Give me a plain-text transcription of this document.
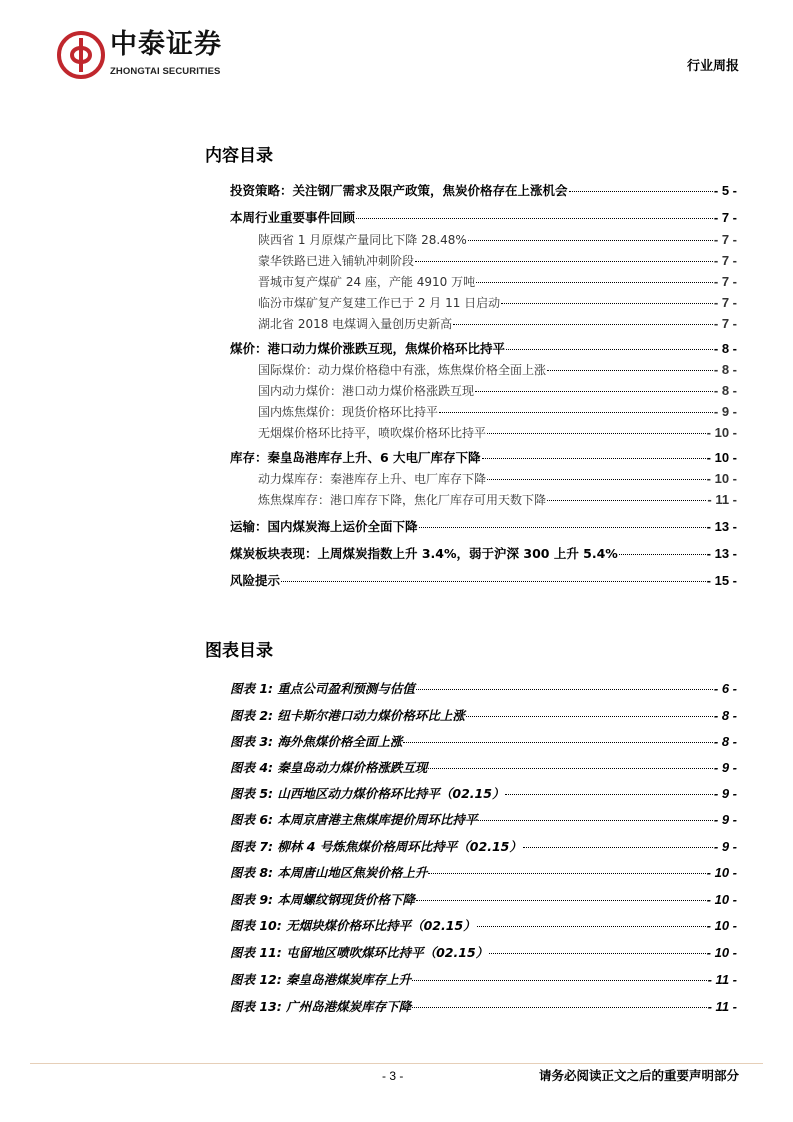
中泰证券
ZHONGTAI SECURITIES	行业周报
内容目录
投资策略：关注钢厂需求及限产政策，焦炭价格存在上涨机会	- 5 -
本周行业重要事件回顾	- 7 -
陕西省 1 月原煤产量同比下降 28.48%	- 7 -
蒙华铁路已进入铺轨冲刺阶段	- 7 -
晋城市复产煤矿 24 座，产能 4910 万吨	- 7 -
临汾市煤矿复产复建工作已于 2 月 11 日启动	- 7 -
湖北省 2018 电煤调入量创历史新高	- 7 -
煤价：港口动力煤价涨跌互现，焦煤价格环比持平	- 8 -
国际煤价：动力煤价格稳中有涨，炼焦煤价格全面上涨	- 8 -
国内动力煤价：港口动力煤价格涨跌互现	- 8 -
国内炼焦煤价：现货价格环比持平	- 9 -
无烟煤价格环比持平，喷吹煤价格环比持平	- 10 -
库存：秦皇岛港库存上升、6 大电厂库存下降	- 10 -
动力煤库存：秦港库存上升、电厂库存下降	- 10 -
炼焦煤库存：港口库存下降，焦化厂库存可用天数下降	- 11 -
运输：国内煤炭海上运价全面下降	- 13 -
煤炭板块表现：上周煤炭指数上升 3.4%，弱于沪深 300 上升 5.4%	- 13 -
风险提示	- 15 -
图表目录
图表 1: 重点公司盈利预测与估值	- 6 -
图表 2: 纽卡斯尔港口动力煤价格环比上涨	- 8 -
图表 3: 海外焦煤价格全面上涨	- 8 -
图表 4: 秦皇岛动力煤价格涨跌互现	- 9 -
图表 5: 山西地区动力煤价格环比持平（02.15）	- 9 -
图表 6: 本周京唐港主焦煤库提价周环比持平	- 9 -
图表 7: 柳林 4 号炼焦煤价格周环比持平（02.15）	- 9 -
图表 8: 本周唐山地区焦炭价格上升	- 10 -
图表 9: 本周螺纹钢现货价格下降	- 10 -
图表 10: 无烟块煤价格环比持平（02.15）	- 10 -
图表 11: 屯留地区喷吹煤环比持平（02.15）	- 10 -
图表 12: 秦皇岛港煤炭库存上升	- 11 -
图表 13: 广州岛港煤炭库存下降	- 11 -
- 3 -	请务必阅读正文之后的重要声明部分
